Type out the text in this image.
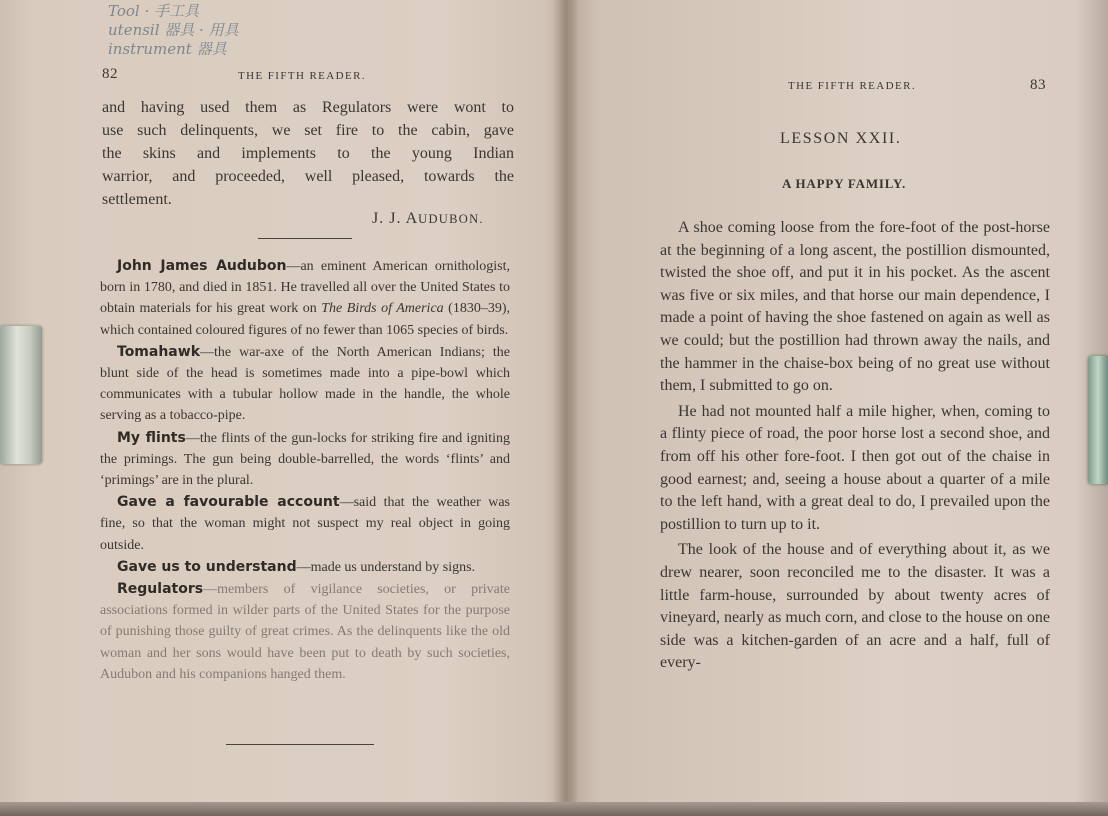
Tool · 手工具
utensil 器具 · 用具
instrument 器具
82	THE FIFTH READER.

and having used them as Regulators were wont to

use such delinquents, we set fire to the cabin, gave

the skins and implements to the young Indian

warrior, and proceeded, well pleased, towards the

settlement.

J. J. AUDUBON.

John James Audubon—an eminent American ornithologist, born in 1780, and died in 1851. He travelled all over the United States to obtain materials for his great work on The Birds of America (1830–39), which contained coloured figures of no fewer than 1065 species of birds.

Tomahawk—the war-axe of the North American Indians; the blunt side of the head is sometimes made into a pipe-bowl which communicates with a tubular hollow made in the handle, the whole serving as a tobacco-pipe.

My flints—the flints of the gun-locks for striking fire and igniting the primings. The gun being double-barrelled, the words ‘flints’ and ‘primings’ are in the plural.

Gave a favourable account—said that the weather was fine, so that the woman might not suspect my real object in going outside.

Gave us to understand—made us understand by signs.

Regulators—members of vigilance societies, or private associations formed in wilder parts of the United States for the purpose of punishing those guilty of great crimes. As the delinquents like the old woman and her sons would have been put to death by such societies, Audubon and his companions hanged them.

THE FIFTH READER.	83
LESSON XXII.
A HAPPY FAMILY.

A shoe coming loose from the fore-foot of the post-horse at the beginning of a long ascent, the postillion dismounted, twisted the shoe off, and put it in his pocket. As the ascent was five or six miles, and that horse our main dependence, I made a point of having the shoe fastened on again as well as we could; but the postillion had thrown away the nails, and the hammer in the chaise-box being of no great use without them, I submitted to go on.

He had not mounted half a mile higher, when, coming to a flinty piece of road, the poor horse lost a second shoe, and from off his other fore-foot. I then got out of the chaise in good earnest; and, seeing a house about a quarter of a mile to the left hand, with a great deal to do, I prevailed upon the postillion to turn up to it.

The look of the house and of everything about it, as we drew nearer, soon reconciled me to the disaster. It was a little farm-house, surrounded by about twenty acres of vineyard, nearly as much corn, and close to the house on one side was a kitchen-garden of an acre and a half, full of every-
